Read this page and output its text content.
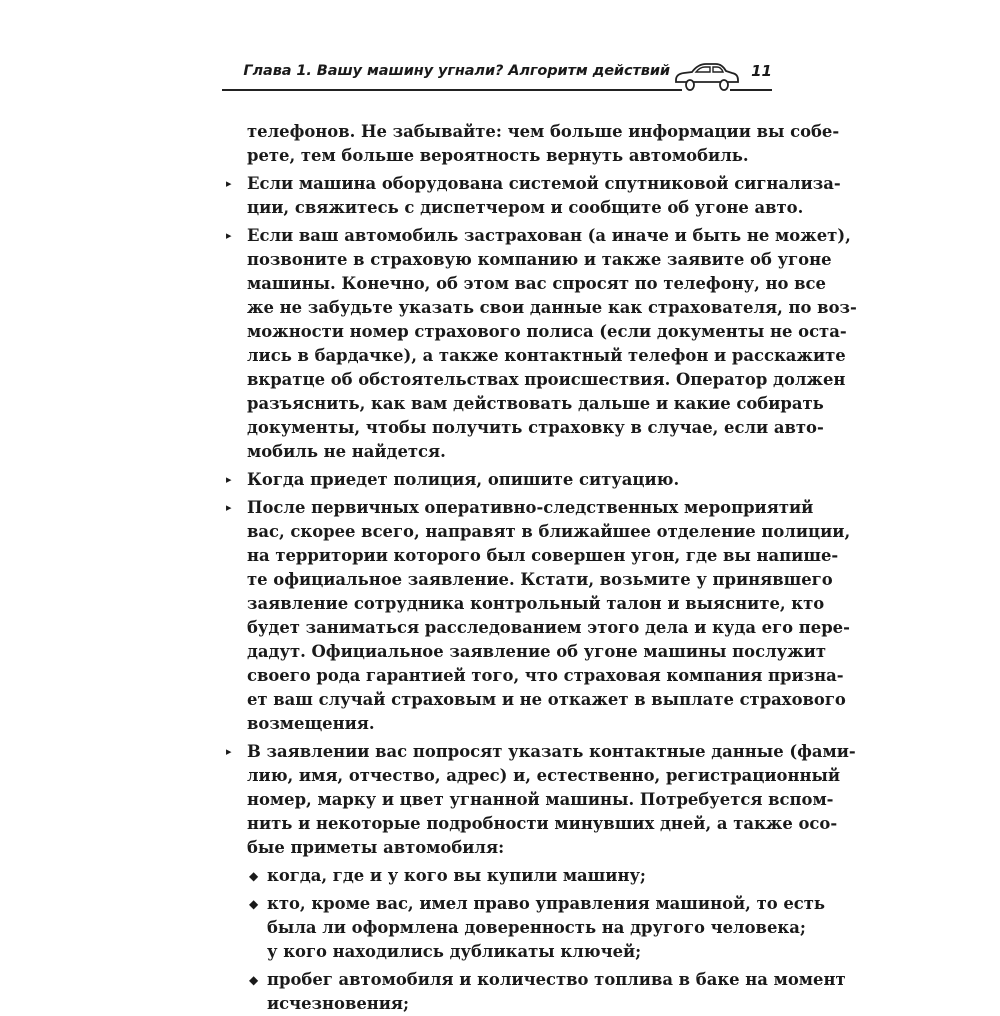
Глава 1. Вашу машину угнали? Алгоритм действий	11
телефонов. Не забывайте: чем больше информации вы собе-
рете, тем больше вероятность вернуть автомобиль.
▸ Если машина оборудована системой спутниковой сигнализа-
ции, свяжитесь с диспетчером и сообщите об угоне авто.
▸ Если ваш автомобиль застрахован (а иначе и быть не может),
позвоните в страховую компанию и также заявите об угоне
машины. Конечно, об этом вас спросят по телефону, но все
же не забудьте указать свои данные как страхователя, по воз-
можности номер страхового полиса (если документы не оста-
лись в бардачке), а также контактный телефон и расскажите
вкратце об обстоятельствах происшествия. Оператор должен
разъяснить, как вам действовать дальше и какие собирать
документы, чтобы получить страховку в случае, если авто-
мобиль не найдется.
▸ Когда приедет полиция, опишите ситуацию.
▸ После первичных оперативно-следственных мероприятий
вас, скорее всего, направят в ближайшее отделение полиции,
на территории которого был совершен угон, где вы напише-
те официальное заявление. Кстати, возьмите у принявшего
заявление сотрудника контрольный талон и выясните, кто
будет заниматься расследованием этого дела и куда его пере-
дадут. Официальное заявление об угоне машины послужит
своего рода гарантией того, что страховая компания призна-
ет ваш случай страховым и не откажет в выплате страхового
возмещения.
▸ В заявлении вас попросят указать контактные данные (фами-
лию, имя, отчество, адрес) и, естественно, регистрационный
номер, марку и цвет угнанной машины. Потребуется вспом-
нить и некоторые подробности минувших дней, а также осо-
бые приметы автомобиля:
◆ когда, где и у кого вы купили машину;
◆ кто, кроме вас, имел право управления машиной, то есть
была ли оформлена доверенность на другого человека;
у кого находились дубликаты ключей;
◆ пробег автомобиля и количество топлива в баке на момент
исчезновения;
